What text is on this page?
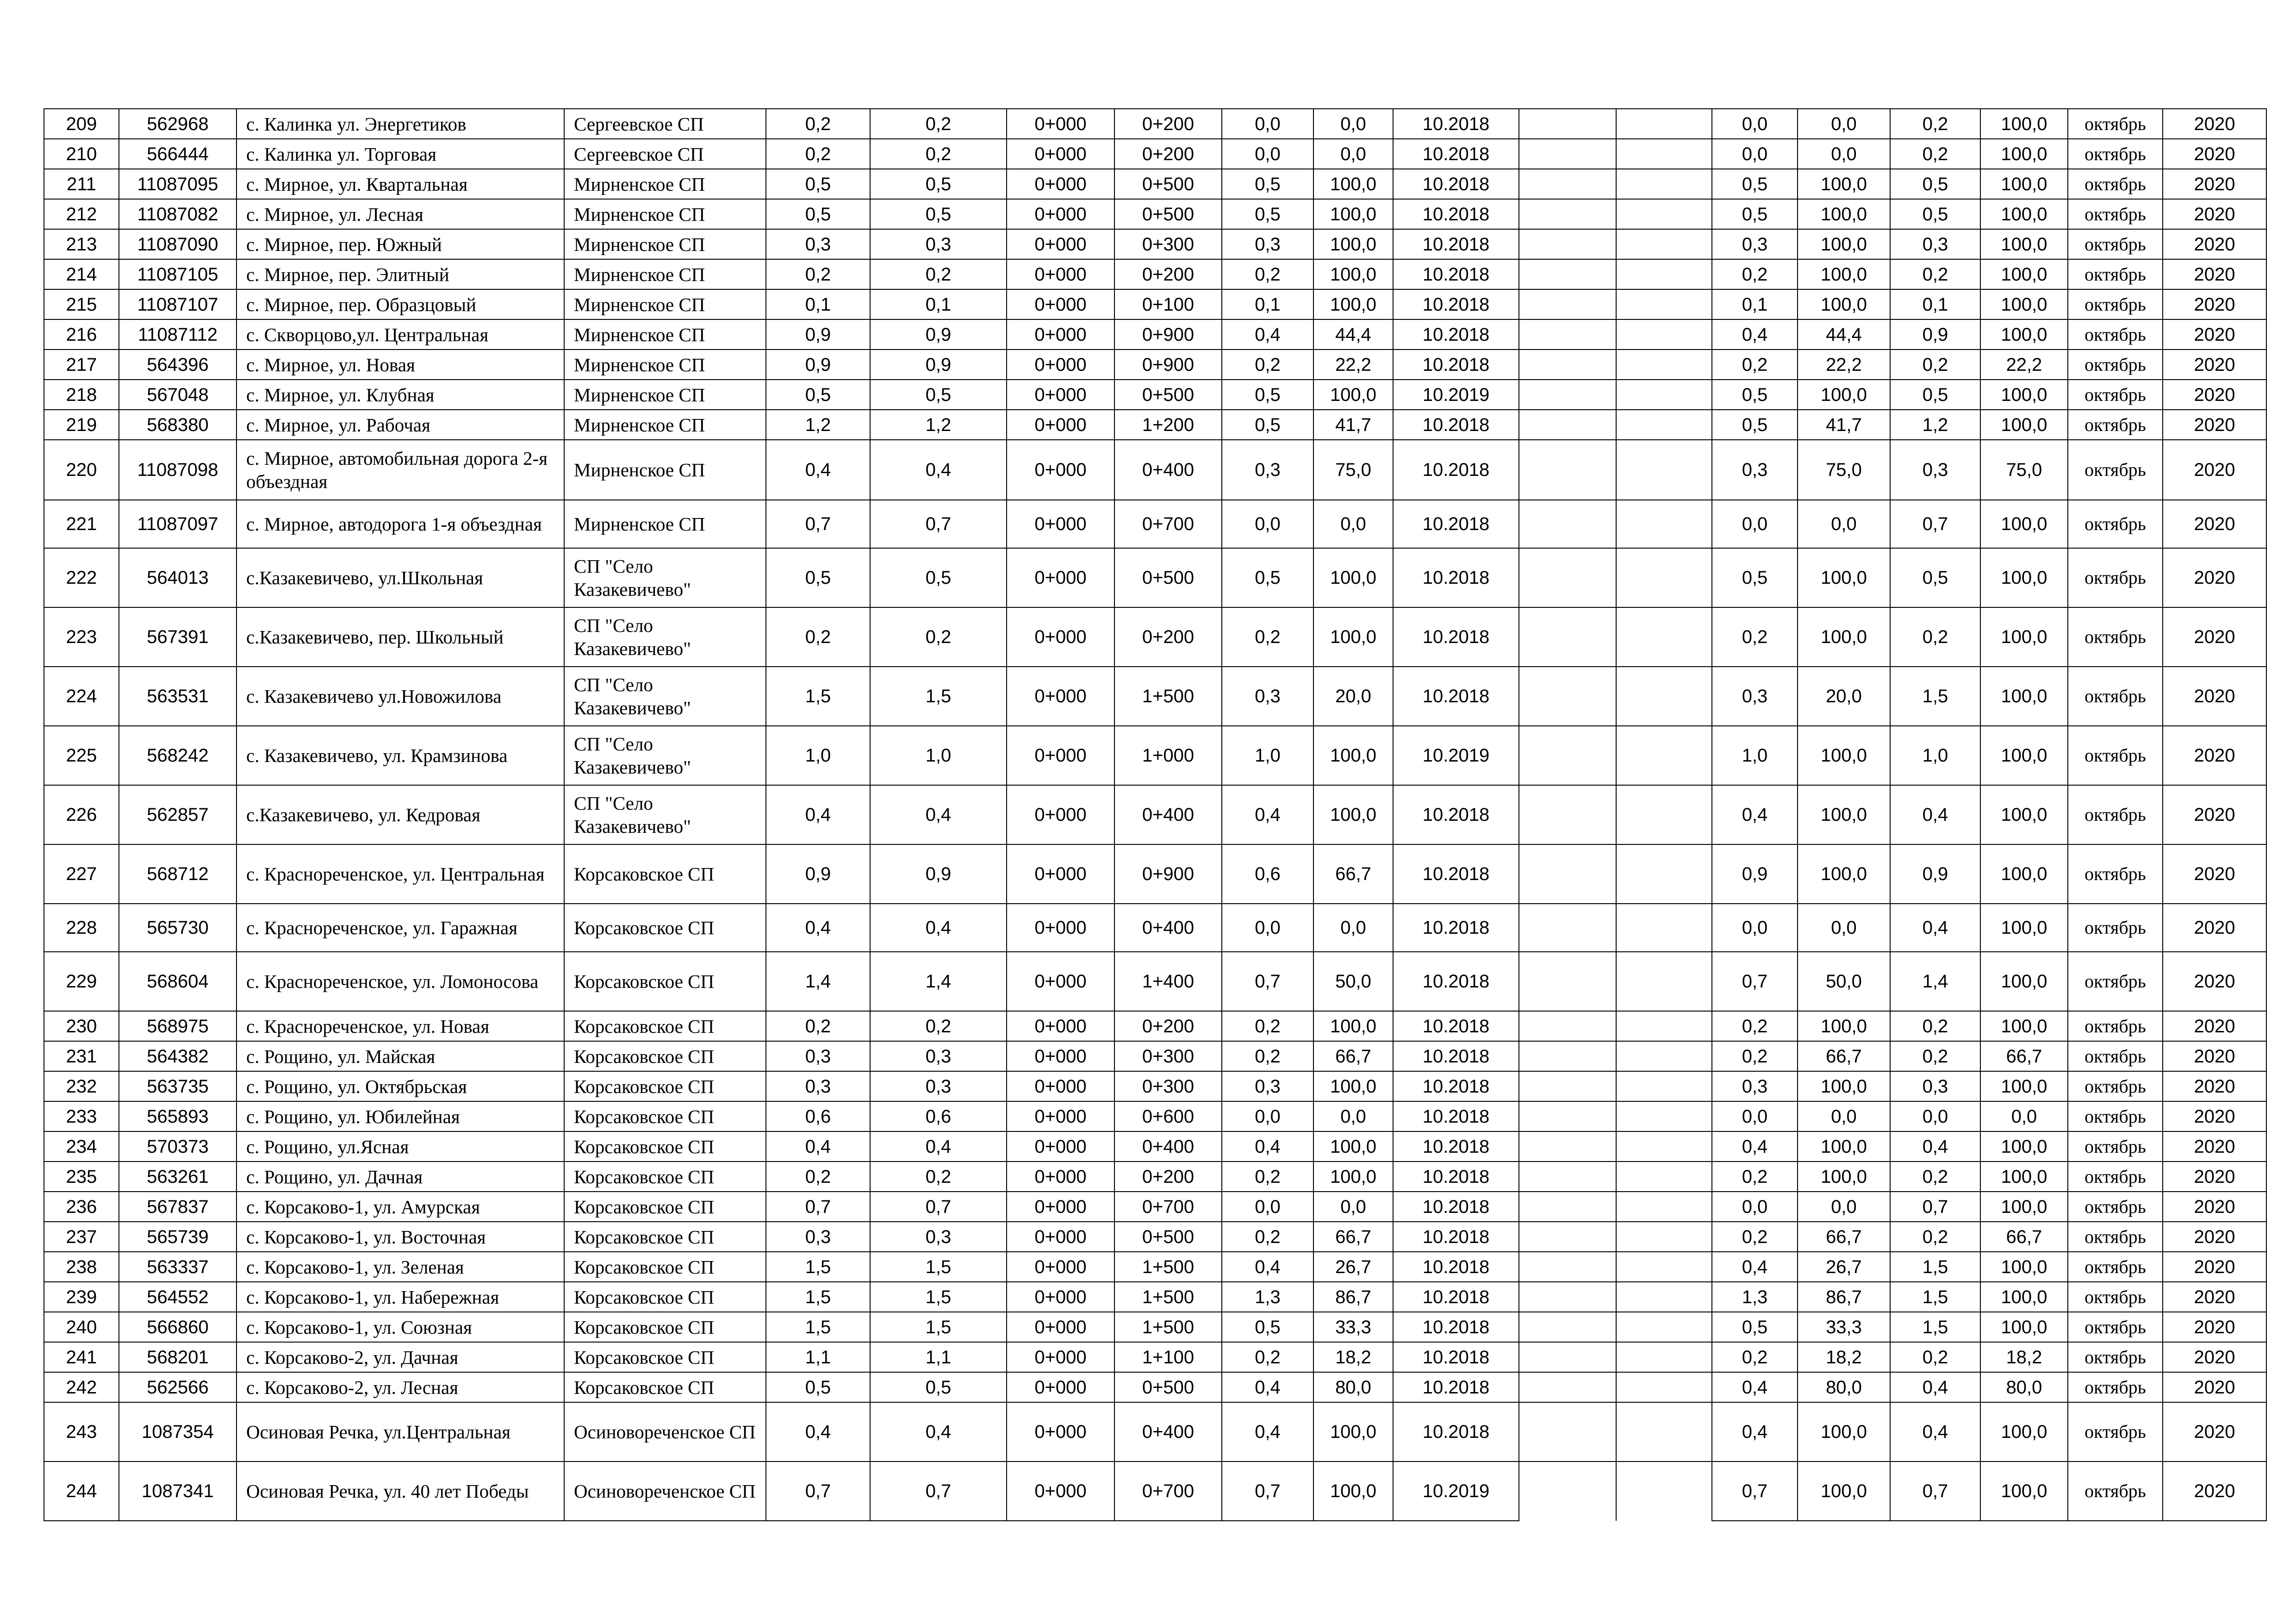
209	562968	с. Калинка ул. Энергетиков	Сергеевское СП	0,2	0,2	0+000	0+200	0,0	0,0	10.2018			0,0	0,0	0,2	100,0	октябрь	2020
210	566444	с. Калинка ул. Торговая	Сергеевское СП	0,2	0,2	0+000	0+200	0,0	0,0	10.2018			0,0	0,0	0,2	100,0	октябрь	2020
211	11087095	с. Мирное, ул. Квартальная	Мирненское СП	0,5	0,5	0+000	0+500	0,5	100,0	10.2018			0,5	100,0	0,5	100,0	октябрь	2020
212	11087082	с. Мирное, ул. Лесная	Мирненское СП	0,5	0,5	0+000	0+500	0,5	100,0	10.2018			0,5	100,0	0,5	100,0	октябрь	2020
213	11087090	с. Мирное, пер. Южный	Мирненское СП	0,3	0,3	0+000	0+300	0,3	100,0	10.2018			0,3	100,0	0,3	100,0	октябрь	2020
214	11087105	с. Мирное, пер. Элитный	Мирненское СП	0,2	0,2	0+000	0+200	0,2	100,0	10.2018			0,2	100,0	0,2	100,0	октябрь	2020
215	11087107	с. Мирное, пер. Образцовый	Мирненское СП	0,1	0,1	0+000	0+100	0,1	100,0	10.2018			0,1	100,0	0,1	100,0	октябрь	2020
216	11087112	с. Скворцово,ул. Центральная	Мирненское СП	0,9	0,9	0+000	0+900	0,4	44,4	10.2018			0,4	44,4	0,9	100,0	октябрь	2020
217	564396	с. Мирное, ул. Новая	Мирненское СП	0,9	0,9	0+000	0+900	0,2	22,2	10.2018			0,2	22,2	0,2	22,2	октябрь	2020
218	567048	с. Мирное, ул. Клубная	Мирненское СП	0,5	0,5	0+000	0+500	0,5	100,0	10.2019			0,5	100,0	0,5	100,0	октябрь	2020
219	568380	с. Мирное, ул. Рабочая	Мирненское СП	1,2	1,2	0+000	1+200	0,5	41,7	10.2018			0,5	41,7	1,2	100,0	октябрь	2020
220	11087098	с. Мирное, автомобильная дорога 2-я объездная	Мирненское СП	0,4	0,4	0+000	0+400	0,3	75,0	10.2018			0,3	75,0	0,3	75,0	октябрь	2020
221	11087097	с. Мирное, автодорога 1-я объездная	Мирненское СП	0,7	0,7	0+000	0+700	0,0	0,0	10.2018			0,0	0,0	0,7	100,0	октябрь	2020
222	564013	с.Казакевичево, ул.Школьная	СП "Село Казакевичево"	0,5	0,5	0+000	0+500	0,5	100,0	10.2018			0,5	100,0	0,5	100,0	октябрь	2020
223	567391	с.Казакевичево, пер. Школьный	СП "Село Казакевичево"	0,2	0,2	0+000	0+200	0,2	100,0	10.2018			0,2	100,0	0,2	100,0	октябрь	2020
224	563531	с. Казакевичево ул.Новожилова	СП "Село Казакевичево"	1,5	1,5	0+000	1+500	0,3	20,0	10.2018			0,3	20,0	1,5	100,0	октябрь	2020
225	568242	с. Казакевичево, ул. Крамзинова	СП "Село Казакевичево"	1,0	1,0	0+000	1+000	1,0	100,0	10.2019			1,0	100,0	1,0	100,0	октябрь	2020
226	562857	с.Казакевичево, ул. Кедровая	СП "Село Казакевичево"	0,4	0,4	0+000	0+400	0,4	100,0	10.2018			0,4	100,0	0,4	100,0	октябрь	2020
227	568712	с. Краснореченское, ул. Центральная	Корсаковское СП	0,9	0,9	0+000	0+900	0,6	66,7	10.2018			0,9	100,0	0,9	100,0	октябрь	2020
228	565730	с. Краснореченское, ул. Гаражная	Корсаковское СП	0,4	0,4	0+000	0+400	0,0	0,0	10.2018			0,0	0,0	0,4	100,0	октябрь	2020
229	568604	с. Краснореченское, ул. Ломоносова	Корсаковское СП	1,4	1,4	0+000	1+400	0,7	50,0	10.2018			0,7	50,0	1,4	100,0	октябрь	2020
230	568975	с. Краснореченское, ул. Новая	Корсаковское СП	0,2	0,2	0+000	0+200	0,2	100,0	10.2018			0,2	100,0	0,2	100,0	октябрь	2020
231	564382	с. Рощино, ул. Майская	Корсаковское СП	0,3	0,3	0+000	0+300	0,2	66,7	10.2018			0,2	66,7	0,2	66,7	октябрь	2020
232	563735	с. Рощино, ул. Октябрьская	Корсаковское СП	0,3	0,3	0+000	0+300	0,3	100,0	10.2018			0,3	100,0	0,3	100,0	октябрь	2020
233	565893	с. Рощино, ул. Юбилейная	Корсаковское СП	0,6	0,6	0+000	0+600	0,0	0,0	10.2018			0,0	0,0	0,0	0,0	октябрь	2020
234	570373	с. Рощино, ул.Ясная	Корсаковское СП	0,4	0,4	0+000	0+400	0,4	100,0	10.2018			0,4	100,0	0,4	100,0	октябрь	2020
235	563261	с. Рощино, ул. Дачная	Корсаковское СП	0,2	0,2	0+000	0+200	0,2	100,0	10.2018			0,2	100,0	0,2	100,0	октябрь	2020
236	567837	с. Корсаково-1, ул. Амурская	Корсаковское СП	0,7	0,7	0+000	0+700	0,0	0,0	10.2018			0,0	0,0	0,7	100,0	октябрь	2020
237	565739	с. Корсаково-1, ул. Восточная	Корсаковское СП	0,3	0,3	0+000	0+500	0,2	66,7	10.2018			0,2	66,7	0,2	66,7	октябрь	2020
238	563337	с. Корсаково-1, ул. Зеленая	Корсаковское СП	1,5	1,5	0+000	1+500	0,4	26,7	10.2018			0,4	26,7	1,5	100,0	октябрь	2020
239	564552	с. Корсаково-1, ул. Набережная	Корсаковское СП	1,5	1,5	0+000	1+500	1,3	86,7	10.2018			1,3	86,7	1,5	100,0	октябрь	2020
240	566860	с. Корсаково-1, ул. Союзная	Корсаковское СП	1,5	1,5	0+000	1+500	0,5	33,3	10.2018			0,5	33,3	1,5	100,0	октябрь	2020
241	568201	с. Корсаково-2, ул. Дачная	Корсаковское СП	1,1	1,1	0+000	1+100	0,2	18,2	10.2018			0,2	18,2	0,2	18,2	октябрь	2020
242	562566	с. Корсаково-2, ул. Лесная	Корсаковское СП	0,5	0,5	0+000	0+500	0,4	80,0	10.2018			0,4	80,0	0,4	80,0	октябрь	2020
243	1087354	Осиновая Речка, ул.Центральная	Осиновореченское СП	0,4	0,4	0+000	0+400	0,4	100,0	10.2018			0,4	100,0	0,4	100,0	октябрь	2020
244	1087341	Осиновая Речка, ул. 40 лет Победы	Осиновореченское СП	0,7	0,7	0+000	0+700	0,7	100,0	10.2019			0,7	100,0	0,7	100,0	октябрь	2020
